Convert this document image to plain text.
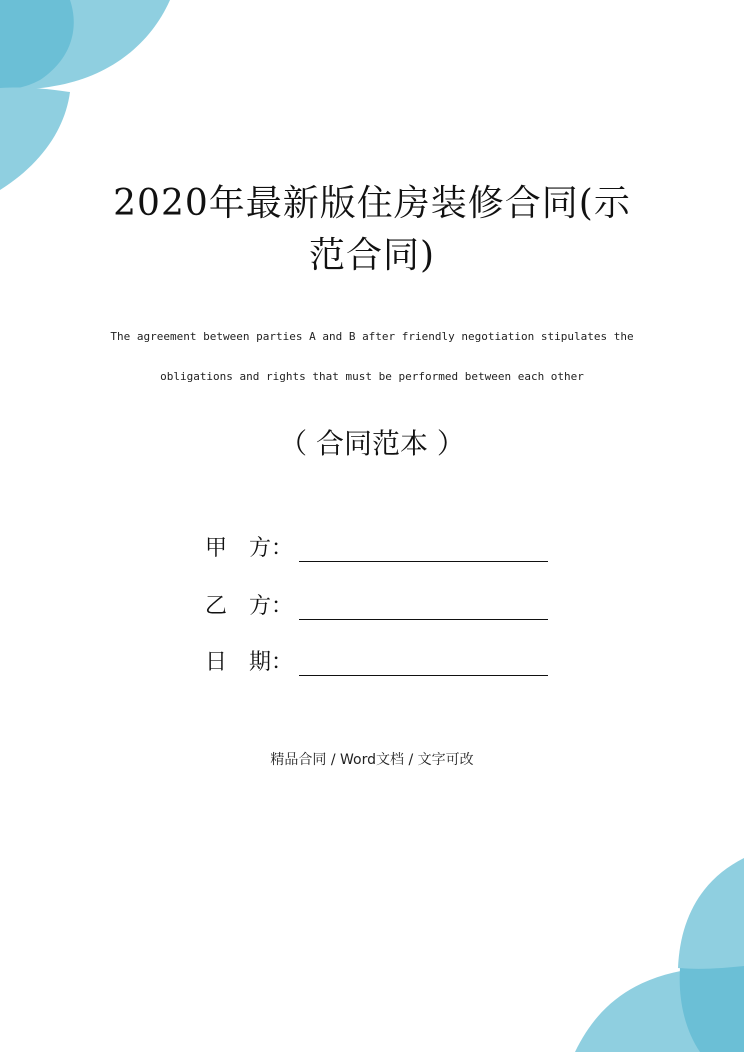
2020年最新版住房装修合同(示
范合同)
The agreement between parties A and B after friendly negotiation stipulates the
obligations and rights that must be performed between each other
（ 合同范本 ）
甲　方：
乙　方：
日　期：
精品合同 / Word文档 / 文字可改
